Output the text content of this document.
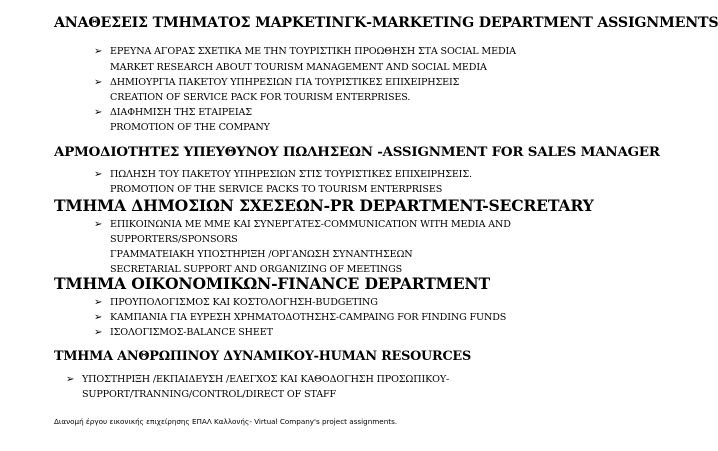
ΑΝΑΘΕΣΕΙΣ ΤΜΗΜΑΤΟΣ ΜΑΡΚΕΤΙΝΓΚ-MARKETING DEPARTMENT ASSIGNMENTS
➢ ΕΡΕΥΝΑ ΑΓΟΡΑΣ ΣΧΕΤΙΚΑ ΜΕ ΤΗΝ ΤΟΥΡΙΣΤΙΚΗ ΠΡΟΩΘΗΣΗ ΣΤΑ SOCIAL MEDIA
MARKET RESEARCH ABOUT TOURISM MANAGEMENT AND SOCIAL MEDIA
➢ ΔΗΜΙΟΥΡΓΙΑ ΠΑΚΕΤΟΥ ΥΠΗΡΕΣΙΩΝ ΓΙΑ ΤΟΥΡΙΣΤΙΚΕΣ ΕΠΙΧΕΙΡΗΣΕΙΣ
CREATION OF SERVICE PACK FOR TOURISM ENTERPRISES.
➢ ΔΙΑΦΗΜΙΣΗ ΤΗΣ ΕΤΑΙΡΕΙΑΣ
PROMOTION OF THE COMPANY
ΑΡΜΟΔΙΟΤΗΤΕΣ ΥΠΕΥΘΥΝΟΥ ΠΩΛΗΣΕΩΝ -ASSIGNMENT FOR SALES MANAGER
➢ ΠΩΛΗΣΗ ΤΟΥ ΠΑΚΕΤΟΥ ΥΠΗΡΕΣΙΩΝ ΣΤΙΣ ΤΟΥΡΙΣΤΙΚΕΣ ΕΠΙΧΕΙΡΗΣΕΙΣ.
PROMOTION OF THE SERVICE PACKS TO TOURISM ENTERPRISES
ΤΜΗΜΑ ΔΗΜΟΣΙΩΝ ΣΧΕΣΕΩΝ-PR DEPARTMENT-SECRETARY
➢ ΕΠΙΚΟΙΝΩΝΙΑ ΜΕ ΜΜΕ ΚΑΙ ΣΥΝΕΡΓΑΤΕΣ-COMMUNICATION WITH MEDIA AND
SUPPORTERS/SPONSORS
ΓΡΑΜΜΑΤΕΙΑΚΗ ΥΠΟΣΤΗΡΙΞΗ /ΟΡΓΑΝΩΣΗ ΣΥΝΑΝΤΗΣΕΩΝ
SECRETARIAL SUPPORT AND ORGANIZING OF MEETINGS
ΤΜΗΜΑ ΟΙΚΟΝΟΜΙΚΩΝ-FINANCE DEPARTMENT
➢ ΠΡΟΥΠΟΛΟΓΙΣΜΟΣ ΚΑΙ ΚΟΣΤΟΛΟΓΗΣΗ-BUDGETING
➢ ΚΑΜΠΑΝΙΑ ΓΙΑ ΕΥΡΕΣΗ ΧΡΗΜΑΤΟΔΟΤΗΣΗΣ-CAMPAING FOR FINDING FUNDS
➢ ΙΣΟΛΟΓΙΣΜΟΣ-BALANCE SHEET
ΤΜΗΜΑ ΑΝΘΡΩΠΙΝΟΥ ΔΥΝΑΜΙΚΟΥ-HUMAN RESOURCES
➢ ΥΠΟΣΤΗΡΙΞΗ /ΕΚΠΑΙΔΕΥΣΗ /ΕΛΕΓΧΟΣ ΚΑΙ ΚΑΘΟΔΟΓΗΣΗ ΠΡΟΣΩΠΙΚΟΥ-
SUPPORT/TRANNING/CONTROL/DIRECT OF STAFF
Διανομή έργου εικονικής επιχείρησης ΕΠΑΛ Καλλονής- Virtual Company's project assignments.
